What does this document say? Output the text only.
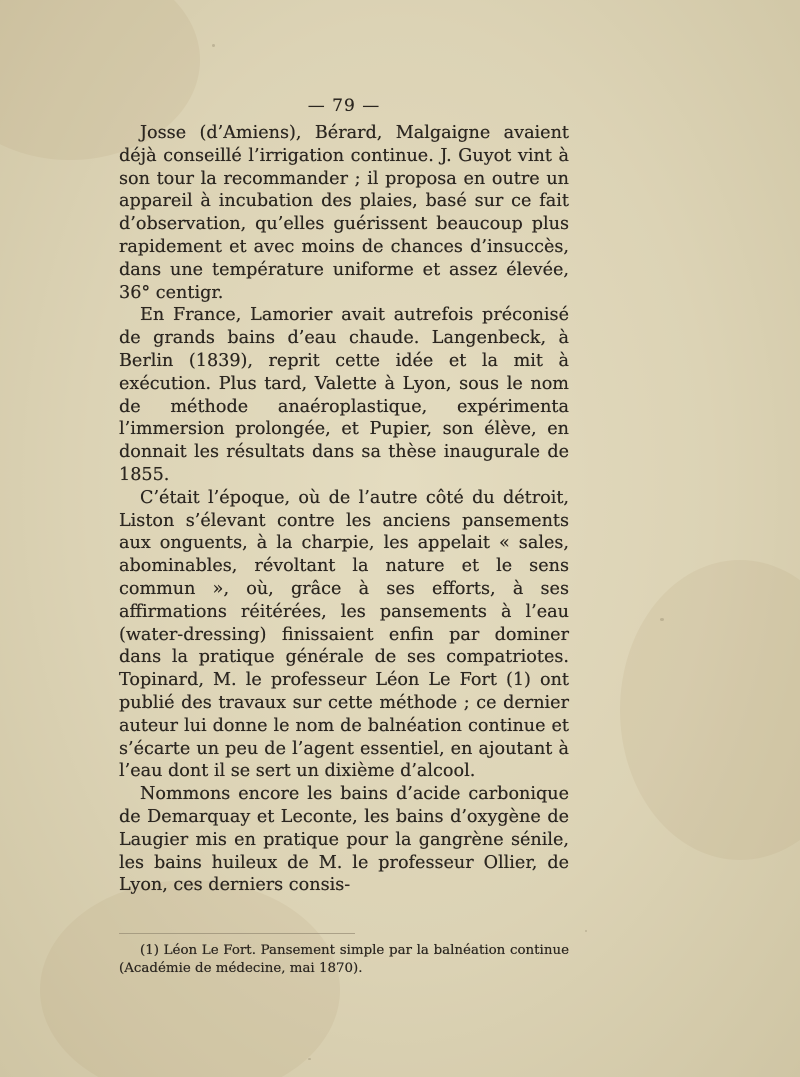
— 79 —

Josse (d’Amiens), Bérard, Malgaigne avaient déjà conseillé l’irrigation continue. J. Guyot vint à son tour la recommander ; il proposa en outre un appareil à incubation des plaies, basé sur ce fait d’observation, qu’elles guérissent beaucoup plus rapidement et avec moins de chances d’insuccès, dans une température uniforme et assez élevée, 36° centigr.

En France, Lamorier avait autrefois préconisé de grands bains d’eau chaude. Langenbeck, à Berlin (1839), reprit cette idée et la mit à exécution. Plus tard, Valette à Lyon, sous le nom de méthode anaéroplastique, expérimenta l’immersion prolongée, et Pupier, son élève, en donnait les résultats dans sa thèse inaugurale de 1855.

C’était l’époque, où de l’autre côté du détroit, Liston s’élevant contre les anciens pansements aux onguents, à la charpie, les appelait « sales, abominables, révoltant la nature et le sens commun », où, grâce à ses efforts, à ses affirmations réitérées, les pansements à l’eau (water-dressing) finissaient enfin par dominer dans la pratique générale de ses compatriotes. Topinard, M. le professeur Léon Le Fort (1) ont publié des travaux sur cette méthode ; ce dernier auteur lui donne le nom de balnéation continue et s’écarte un peu de l’agent essentiel, en ajoutant à l’eau dont il se sert un dixième d’alcool.

Nommons encore les bains d’acide carbonique de Demarquay et Leconte, les bains d’oxygène de Laugier mis en pratique pour la gangrène sénile, les bains huileux de M. le professeur Ollier, de Lyon, ces derniers consis-

(1) Léon Le Fort. Pansement simple par la balnéation continue (Académie de médecine, mai 1870).
